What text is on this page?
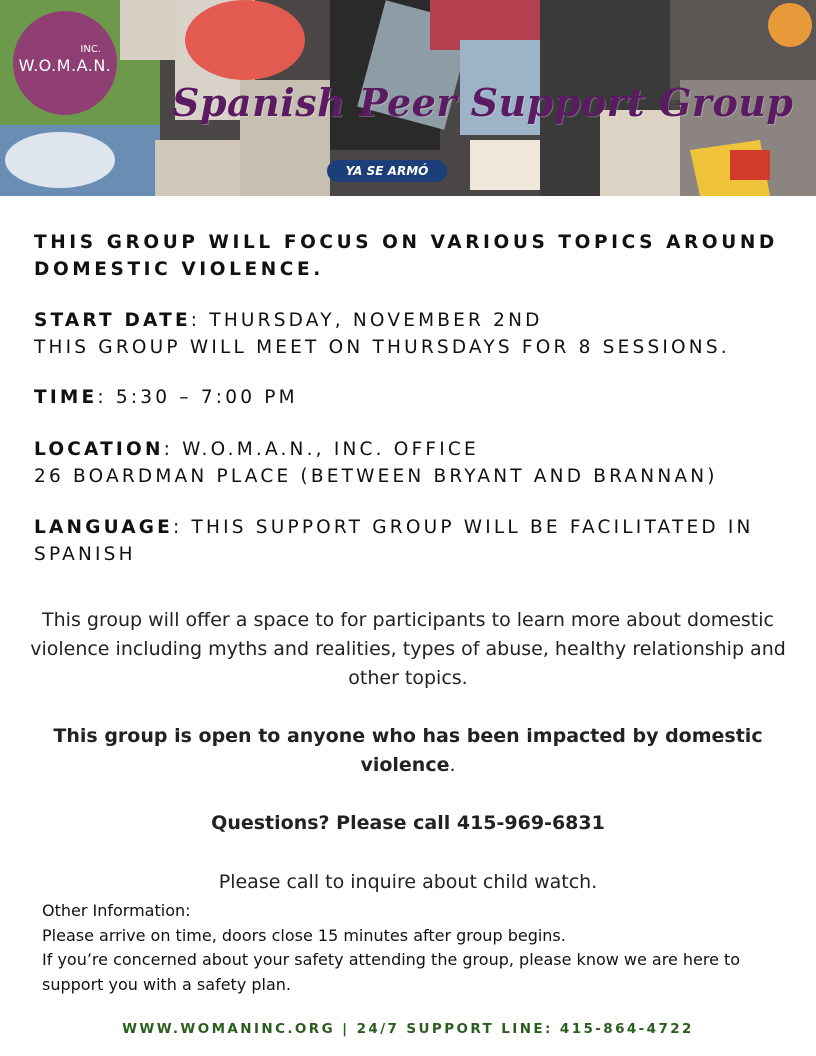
INC.
W.O.M.A.N.
YA SE ARMÓ
Spanish Peer Support Group
THIS GROUP WILL FOCUS ON VARIOUS TOPICS AROUND DOMESTIC VIOLENCE.
START DATE: THURSDAY, NOVEMBER 2ND
THIS GROUP WILL MEET ON THURSDAYS FOR 8 SESSIONS.
TIME: 5:30 – 7:00 PM
LOCATION: W.O.M.A.N., INC. OFFICE
26 BOARDMAN PLACE (BETWEEN BRYANT AND BRANNAN)
LANGUAGE: THIS SUPPORT GROUP WILL BE FACILITATED IN SPANISH
This group will offer a space to for participants to learn more about domestic violence including myths and realities, types of abuse, healthy relationship and other topics.
This group is open to anyone who has been impacted by domestic violence.
Questions? Please call 415-969-6831
Please call to inquire about child watch.
Other Information:
Please arrive on time, doors close 15 minutes after group begins.
If you’re concerned about your safety attending the group, please know we are here to support you with a safety plan.
WWW.WOMANINC.ORG | 24/7 SUPPORT LINE: 415-864-4722
